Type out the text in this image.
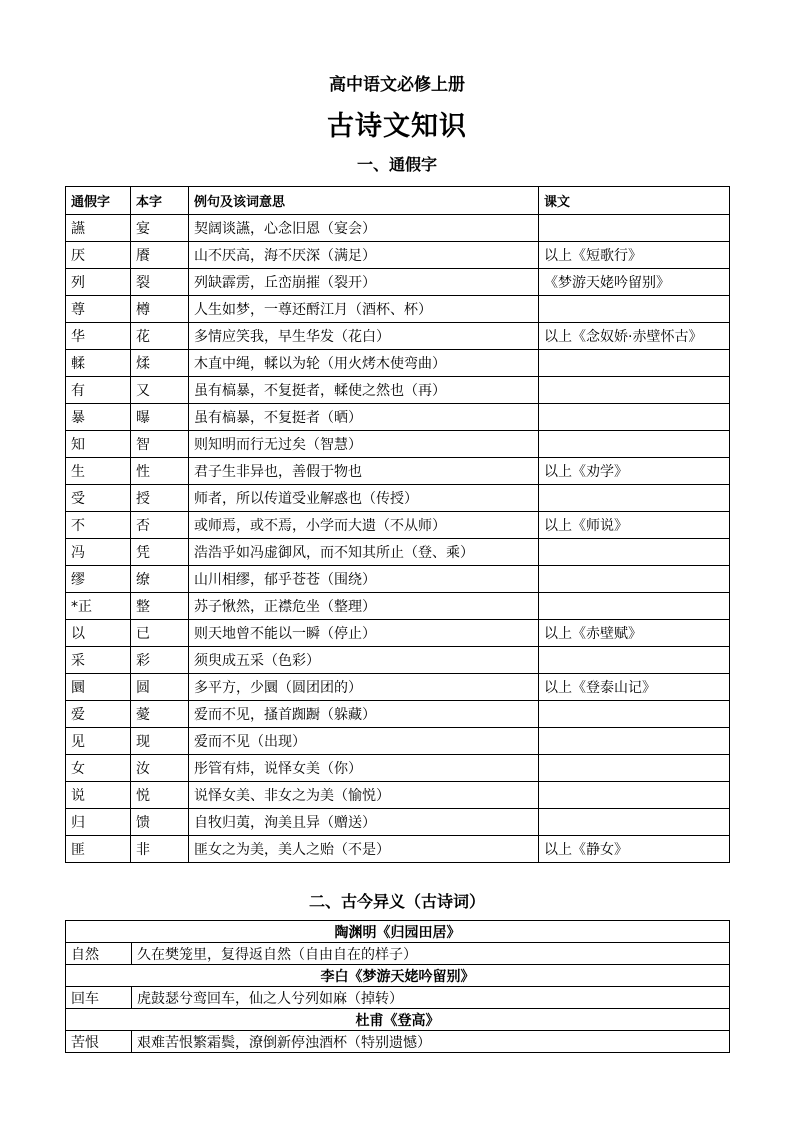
高中语文必修上册
古诗文知识
一、通假字
通假字	本字	例句及该词意思	课文
讌	宴	契阔谈讌，心念旧恩（宴会）	
厌	餍	山不厌高，海不厌深（满足）	以上《短歌行》
列	裂	列缺霹雳，丘峦崩摧（裂开）	《梦游天姥吟留别》
尊	樽	人生如梦，一尊还酹江月（酒杯、杯）	
华	花	多情应笑我，早生华发（花白）	以上《念奴娇·赤壁怀古》
輮	煣	木直中绳，輮以为轮（用火烤木使弯曲）	
有	又	虽有槁暴，不复挺者，輮使之然也（再）	
暴	曝	虽有槁暴，不复挺者（晒）	
知	智	则知明而行无过矣（智慧）	
生	性	君子生非异也，善假于物也	以上《劝学》
受	授	师者，所以传道受业解惑也（传授）	
不	否	或师焉，或不焉，小学而大遗（不从师）	以上《师说》
冯	凭	浩浩乎如冯虚御风，而不知其所止（登、乘）	
缪	缭	山川相缪，郁乎苍苍（围绕）	
*正	整	苏子愀然，正襟危坐（整理）	
以	已	则天地曾不能以一瞬（停止）	以上《赤壁赋》
采	彩	须臾成五采（色彩）	
圜	圆	多平方，少圜（圆团团的）	以上《登泰山记》
爱	薆	爱而不见，搔首踟蹰（躲藏）	
见	现	爱而不见（出现）	
女	汝	彤管有炜，说怿女美（你）	
说	悦	说怿女美、非女之为美（愉悦）	
归	馈	自牧归荑，洵美且异（赠送）	
匪	非	匪女之为美，美人之贻（不是）	以上《静女》
二、古今异义（古诗词）
陶渊明《归园田居》	
自然	久在樊笼里，复得返自然（自由自在的样子）
李白《梦游天姥吟留别》	
回车	虎鼓瑟兮鸾回车，仙之人兮列如麻（掉转）
杜甫《登高》	
苦恨	艰难苦恨繁霜鬓，潦倒新停浊酒杯（特别遗憾）
